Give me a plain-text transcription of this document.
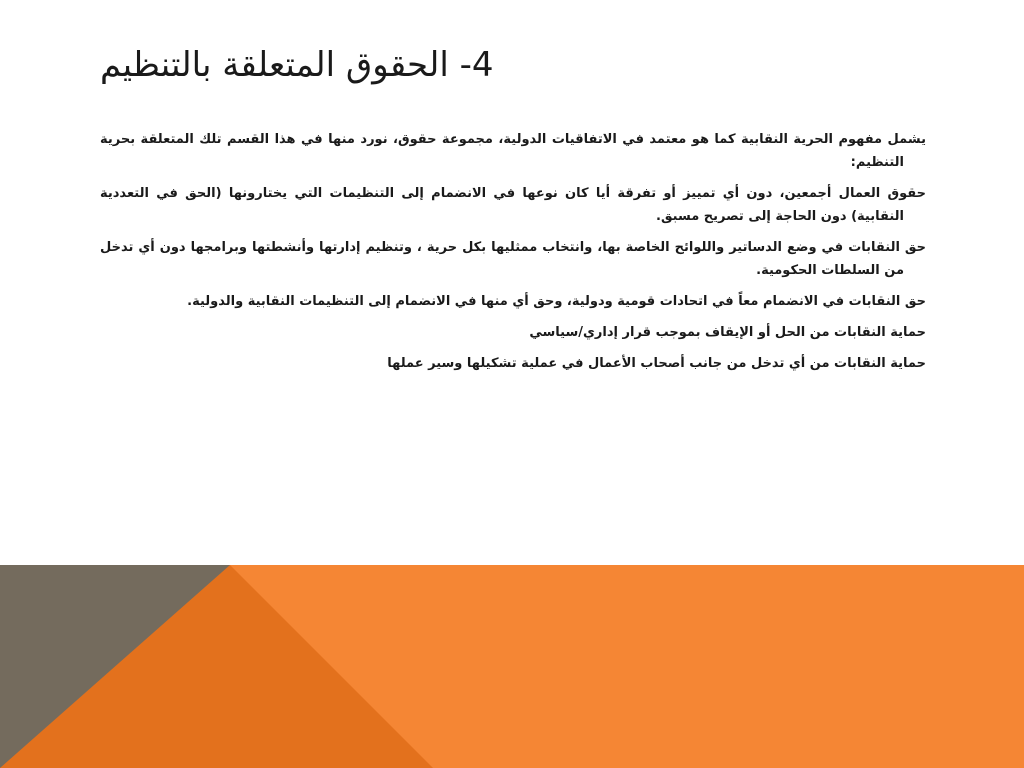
4- الحقوق المتعلقة بالتنظيم

يشمل مفهوم الحرية النقابية كما هو معتمد في الاتفاقيات الدولية، مجموعة حقوق، نورد منها في هذا القسم تلك المتعلقة بحرية التنظيم:

حقوق العمال أجمعين، دون أي تمييز أو تفرقة أيا كان نوعها في الانضمام إلى التنظيمات التي يختارونها (الحق في التعددية النقابية) دون الحاجة إلى تصريح مسبق.

حق النقابات في وضع الدساتير واللوائح الخاصة بها، وانتخاب ممثليها بكل حرية ، وتنظيم إدارتها وأنشطتها وبرامجها دون أي تدخل من السلطات الحكومية.

حق النقابات في الانضمام معاً في اتحادات قومية ودولية، وحق أي منها في الانضمام إلى التنظيمات النقابية والدولية.

حماية النقابات من الحل أو الإيقاف بموجب قرار إداري/سياسي

حماية النقابات من أي تدخل من جانب أصحاب الأعمال في عملية تشكيلها وسير عملها
